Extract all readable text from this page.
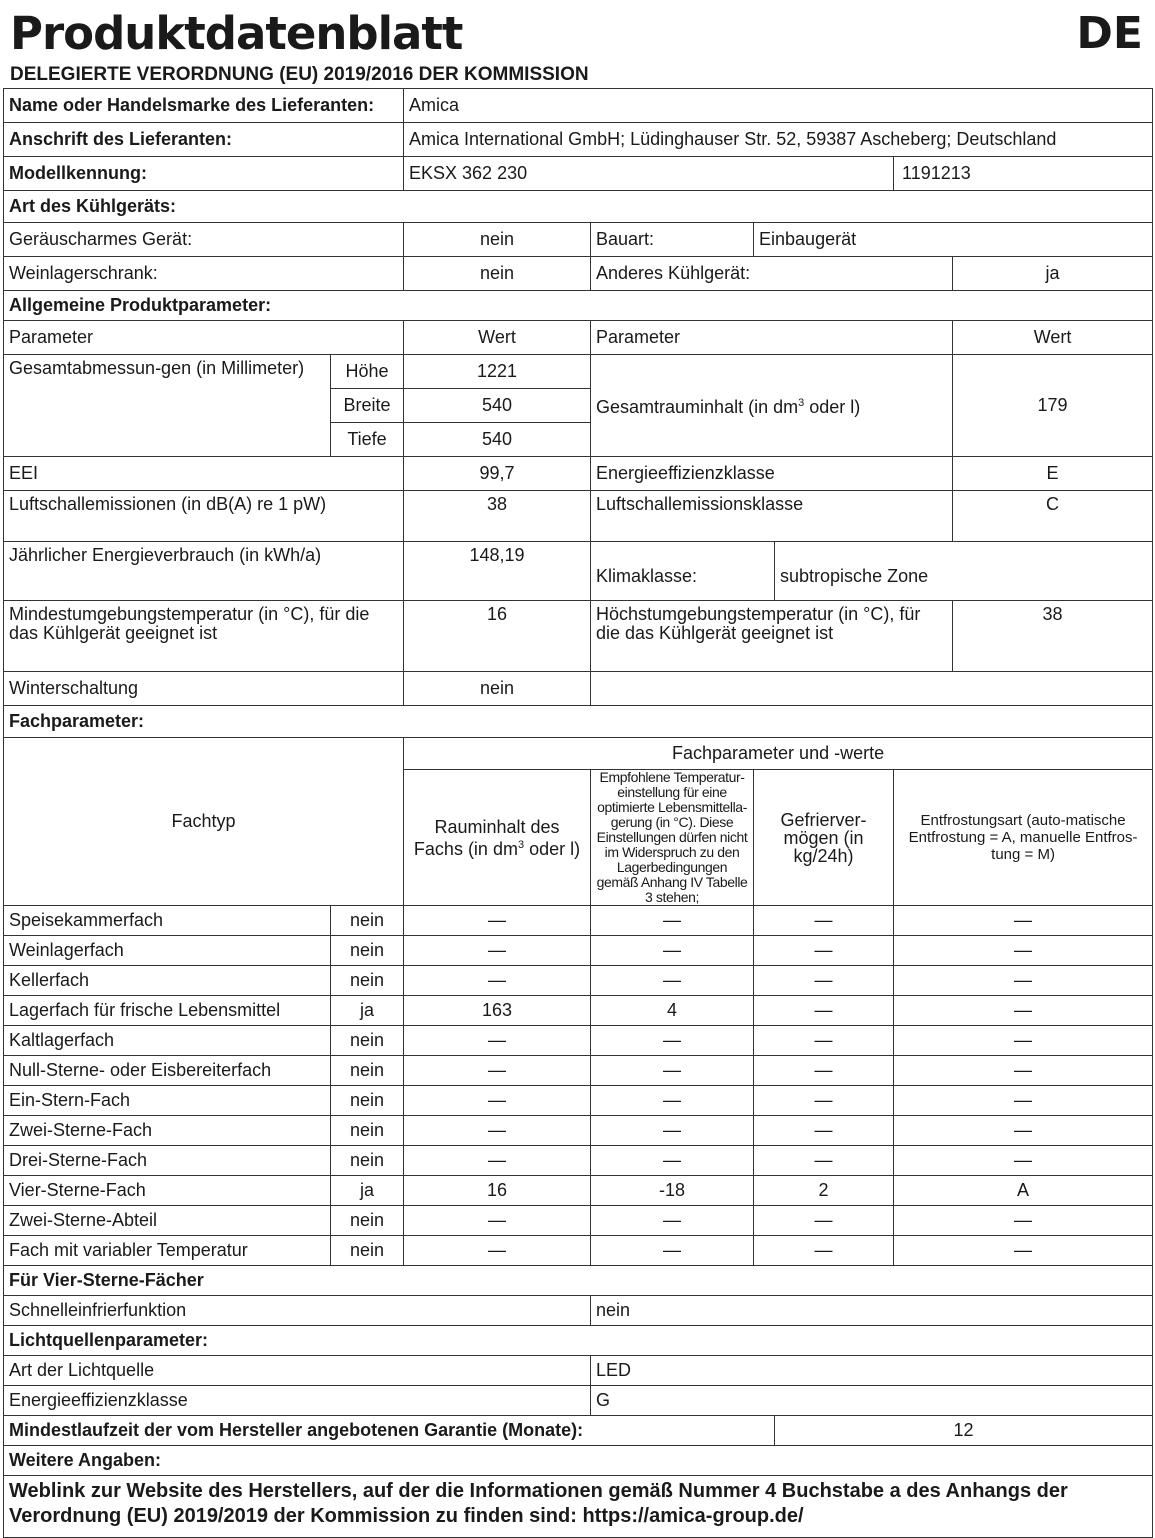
Produktdatenblatt	DE
DELEGIERTE VERORDNUNG (EU) 2019/2016 DER KOMMISSION
Name oder Handelsmarke des Lieferanten:		Amica					
Anschrift des Lieferanten:		Amica International GmbH; Lüdinghauser Str. 52, 59387 Ascheberg; Deutschland					
Modellkennung:		EKSX 362 230				1191213	
Art des Kühlgeräts:							
Geräuscharmes Gerät:		nein	Bauart:	Einbaugerät			
Weinlagerschrank:		nein	Anderes Kühlgerät:				ja
Allgemeine Produktparameter:							
Parameter		Wert	Parameter				Wert
Gesamtabmessun-gen (in Millimeter)	Höhe	1221	Gesamtrauminhalt (in $dm^3$ oder l)				179
	Breite	540					
	Tiefe	540					
EEI		99,7	Energieeffizienzklasse				E
Luftschallemissionen (in dB(A) re 1 pW)		38	Luftschallemissionsklasse				C
Jährlicher Energieverbrauch (in kWh/a)		148,19	Klimaklasse:		subtropische Zone		
Mindestumgebungstemperatur (in °C), für die das Kühlgerät geeignet ist		16	Höchstumgebungstemperatur (in °C), für die das Kühlgerät geeignet ist				38
Winterschaltung		nein					
Fachparameter:							
Fachtyp		Fachparameter und -werte					
		Rauminhalt des Fachs (in $dm^3$ oder l)	Empfohlene Temperatur-einstellung für eine optimierte Lebensmittella-gerung (in °C). Diese Einstellungen dürfen nicht im Widerspruch zu den Lagerbedingungen gemäß Anhang IV Tabelle 3 stehen;	Gefrierver-mögen (in kg/24h)		Entfrostungsart (auto-matische Entfrostung = A, manuelle Entfros-tung = M)	
Speisekammerfach	nein	—	—	—		—	
Weinlagerfach	nein	—	—	—		—	
Kellerfach	nein	—	—	—		—	
Lagerfach für frische Lebensmittel	ja	163	4	—		—	
Kaltlagerfach	nein	—	—	—		—	
Null-Sterne- oder Eisbereiterfach	nein	—	—	—		—	
Ein-Stern-Fach	nein	—	—	—		—	
Zwei-Sterne-Fach	nein	—	—	—		—	
Drei-Sterne-Fach	nein	—	—	—		—	
Vier-Sterne-Fach	ja	16	-18	2		A	
Zwei-Sterne-Abteil	nein	—	—	—		—	
Fach mit variabler Temperatur	nein	—	—	—		—	
Für Vier-Sterne-Fächer							
Schnelleinfrierfunktion			nein				
Lichtquellenparameter:							
Art der Lichtquelle			LED				
Energieeffizienzklasse			G				
Mindestlaufzeit der vom Hersteller angebotenen Garantie (Monate):					12		
Weitere Angaben:							
Weblink zur Website des Herstellers, auf der die Informationen gemäß Nummer 4 Buchstabe a des Anhangs der Verordnung (EU) 2019/2019 der Kommission zu finden sind: https://amica-group.de/							
